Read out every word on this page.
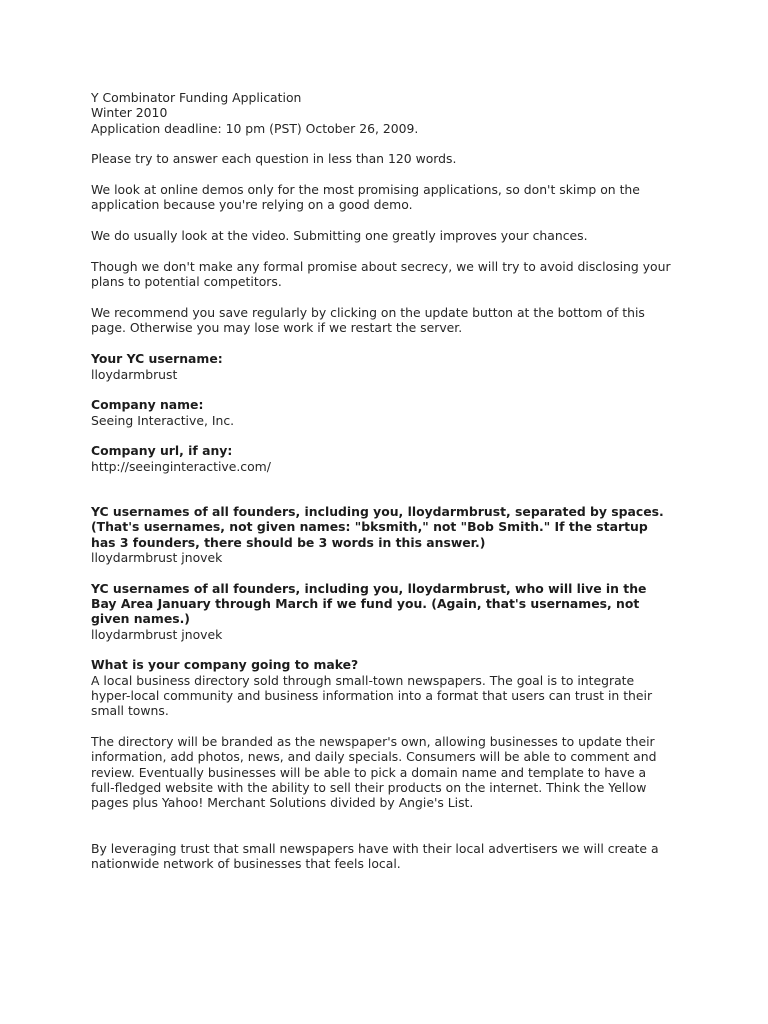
Y Combinator Funding Application

Winter 2010

Application deadline: 10 pm (PST) October 26, 2009.

Please try to answer each question in less than 120 words.

We look at online demos only for the most promising applications, so don't skimp on the application because you're relying on a good demo.

We do usually look at the video. Submitting one greatly improves your chances.

Though we don't make any formal promise about secrecy, we will try to avoid disclosing your plans to potential competitors.

We recommend you save regularly by clicking on the update button at the bottom of this page. Otherwise you may lose work if we restart the server.

Your YC username:
lloydarmbrust
Company name:
Seeing Interactive, Inc.
Company url, if any:
http://seeinginteractive.com/
YC usernames of all founders, including you, lloydarmbrust, separated by spaces. (That's usernames, not given names: "bksmith," not "Bob Smith." If the startup has 3 founders, there should be 3 words in this answer.)
lloydarmbrust jnovek
YC usernames of all founders, including you, lloydarmbrust, who will live in the Bay Area January through March if we fund you. (Again, that's usernames, not given names.)
lloydarmbrust jnovek
What is your company going to make?
A local business directory sold through small-town newspapers. The goal is to integrate hyper-local community and business information into a format that users can trust in their small towns.
The directory will be branded as the newspaper's own, allowing businesses to update their information, add photos, news, and daily specials. Consumers will be able to comment and review. Eventually businesses will be able to pick a domain name and template to have a full-fledged website with the ability to sell their products on the internet. Think the Yellow pages plus Yahoo! Merchant Solutions divided by Angie's List.
By leveraging trust that small newspapers have with their local advertisers we will create a nationwide network of businesses that feels local.
